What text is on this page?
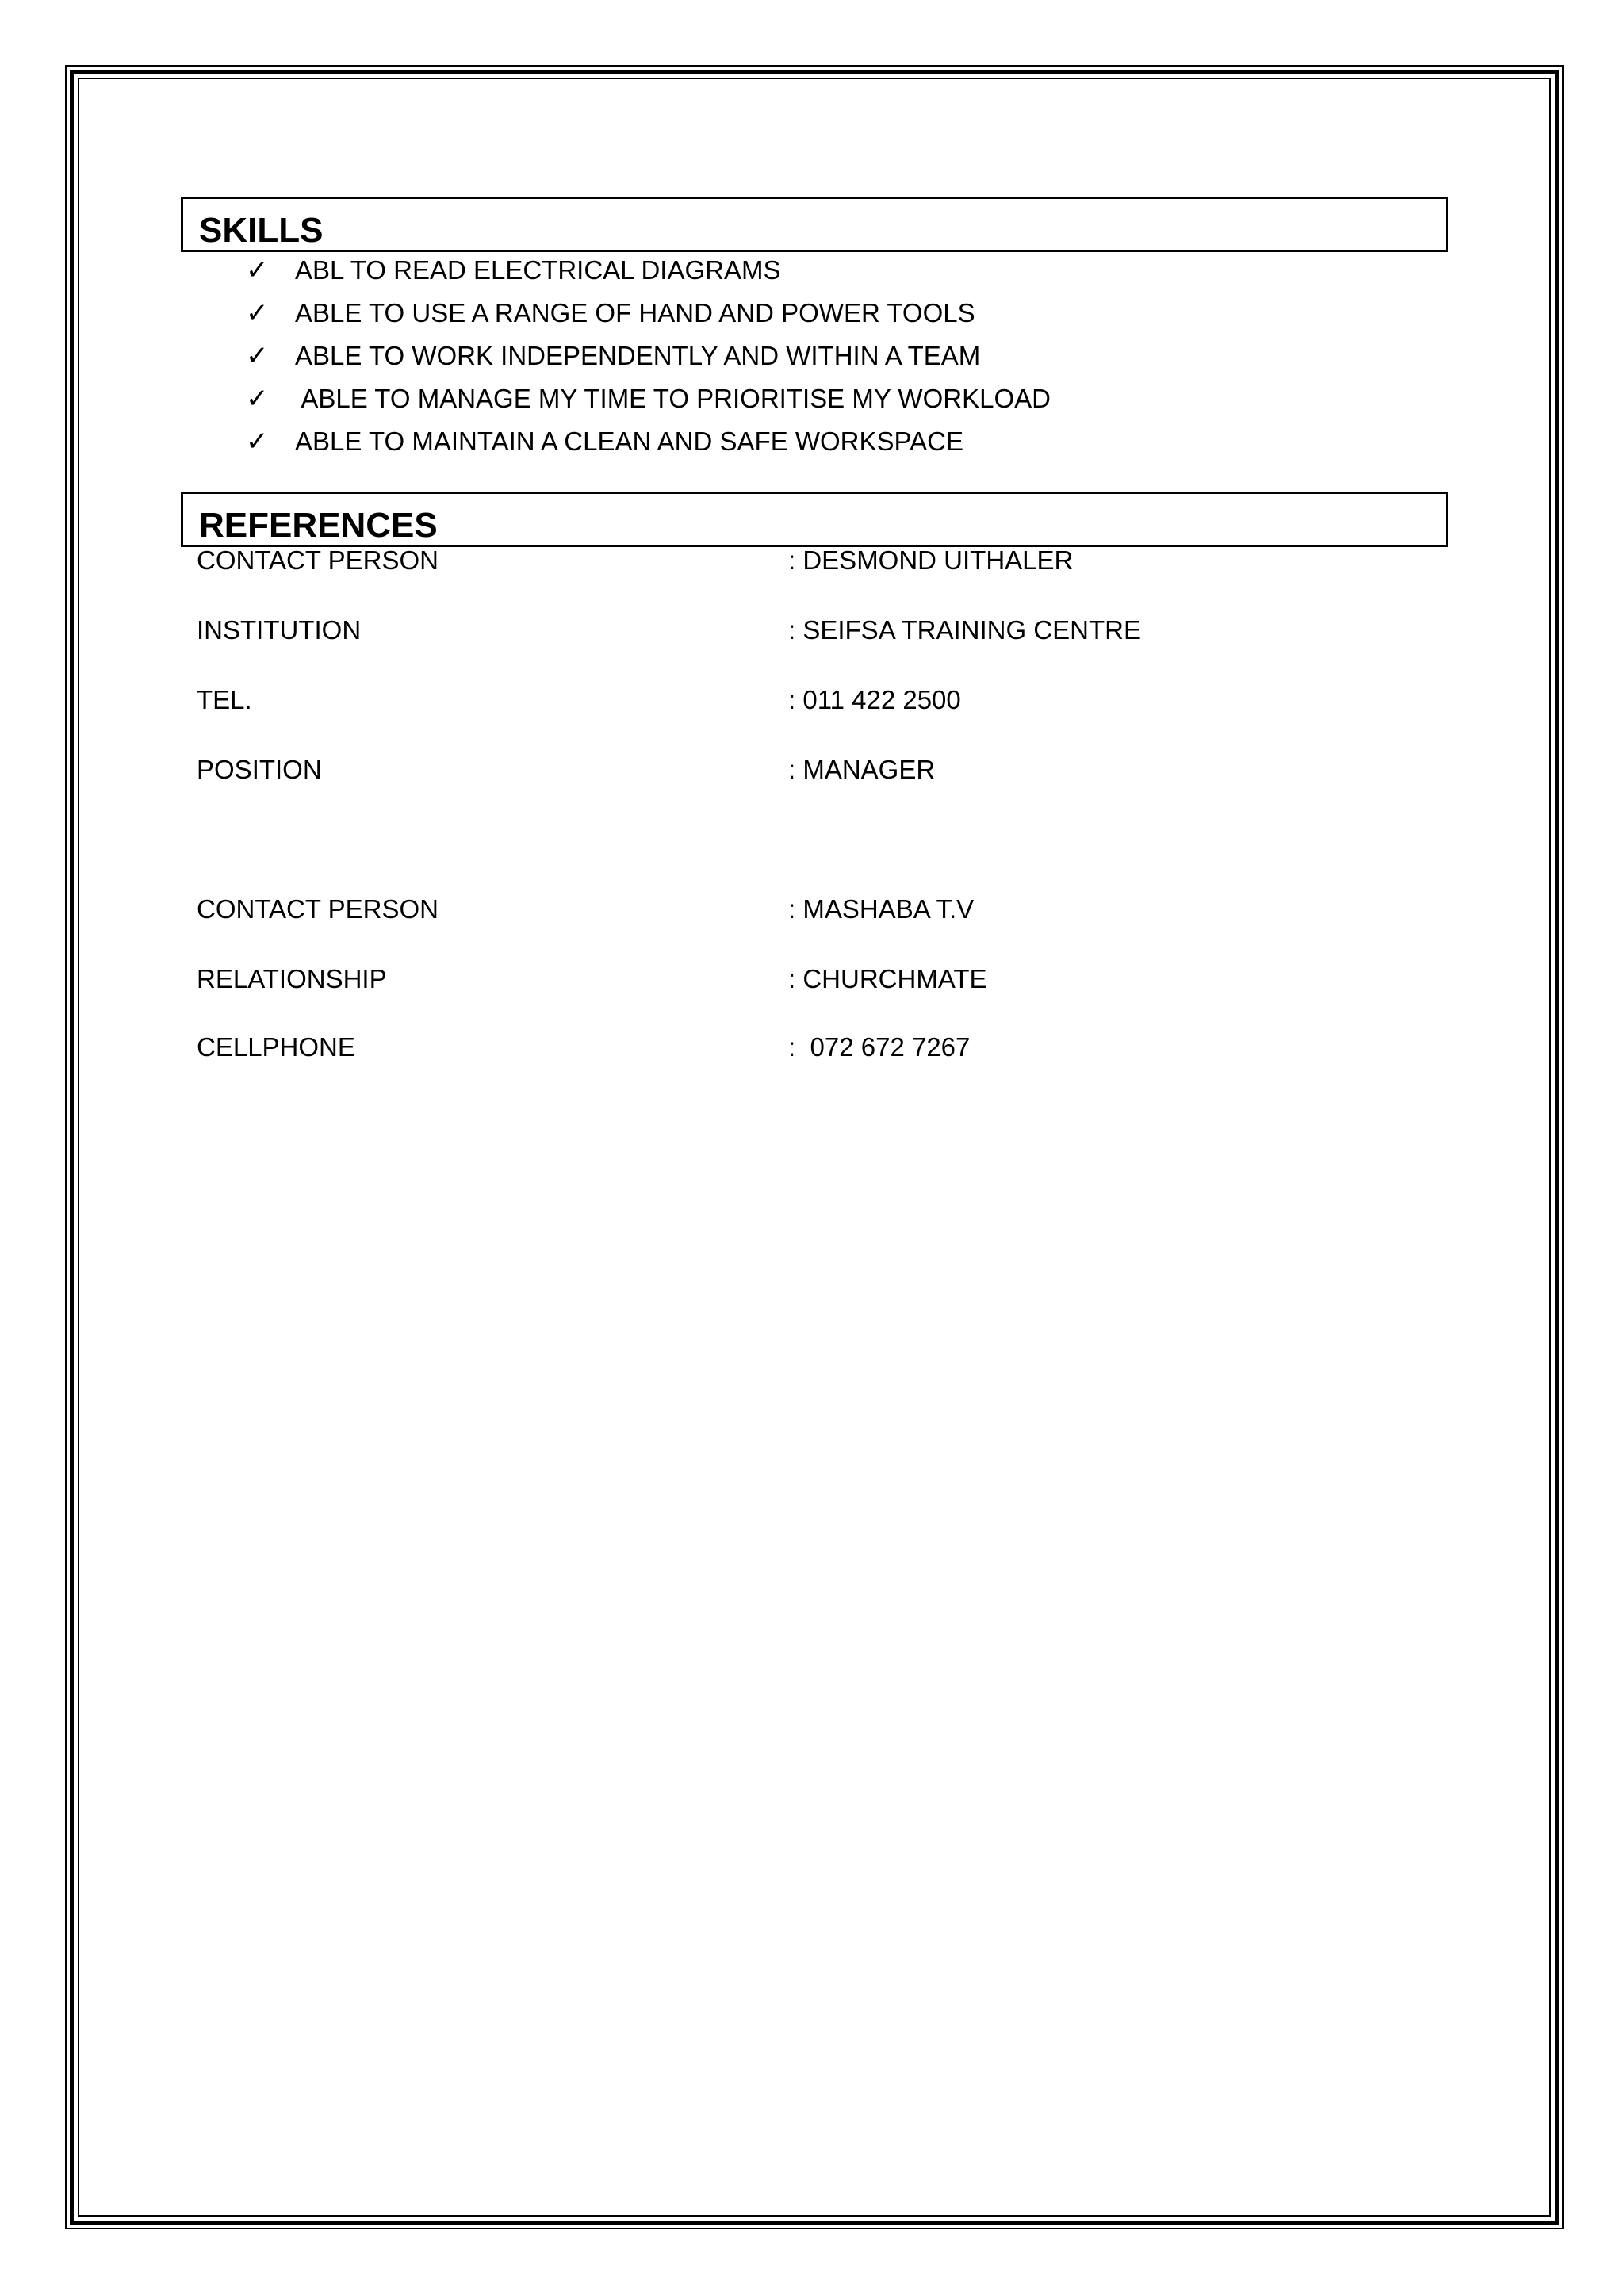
SKILLS
✓	ABL TO READ ELECTRICAL DIAGRAMS
✓	ABLE TO USE A RANGE OF HAND AND POWER TOOLS
✓	ABLE TO WORK INDEPENDENTLY AND WITHIN A TEAM
✓	ABLE TO MANAGE MY TIME TO PRIORITISE MY WORKLOAD
✓	ABLE TO MAINTAIN A CLEAN AND SAFE WORKSPACE
REFERENCES
CONTACT PERSON	: DESMOND UITHALER
INSTITUTION	: SEIFSA TRAINING CENTRE
TEL.	: 011 422 2500
POSITION	: MANAGER
CONTACT PERSON	: MASHABA T.V
RELATIONSHIP	: CHURCHMATE
CELLPHONE	:  072 672 7267
